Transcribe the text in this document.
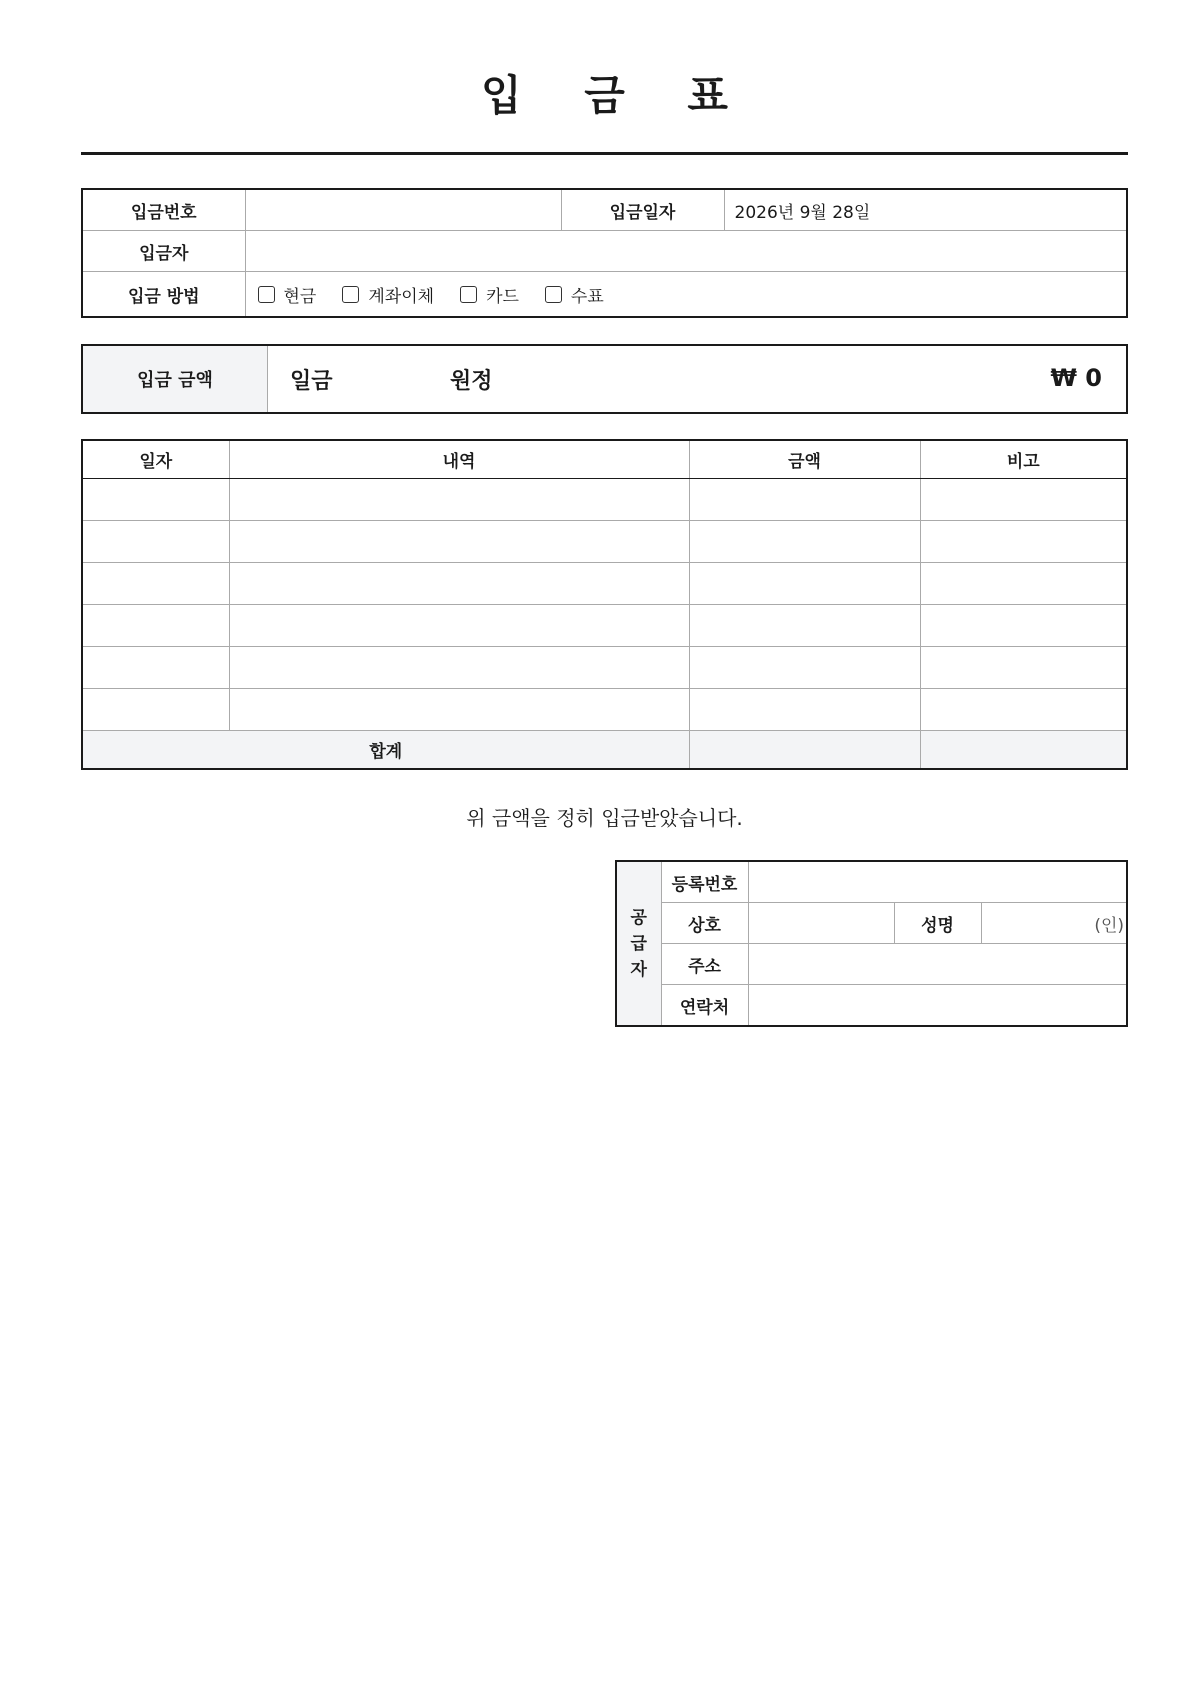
입 금 표
입금번호		입금일자	2026년 9월 28일
입금자			
입금 방법	현금 계좌이체 카드 수표		
입금 금액	일금	원정	₩ 0
일자	내역	금액	비고

합계			
위 금액을 정히 입금받았습니다.
공
급
자	등록번호			
	상호		성명	(인)
	주소			
	연락처			
